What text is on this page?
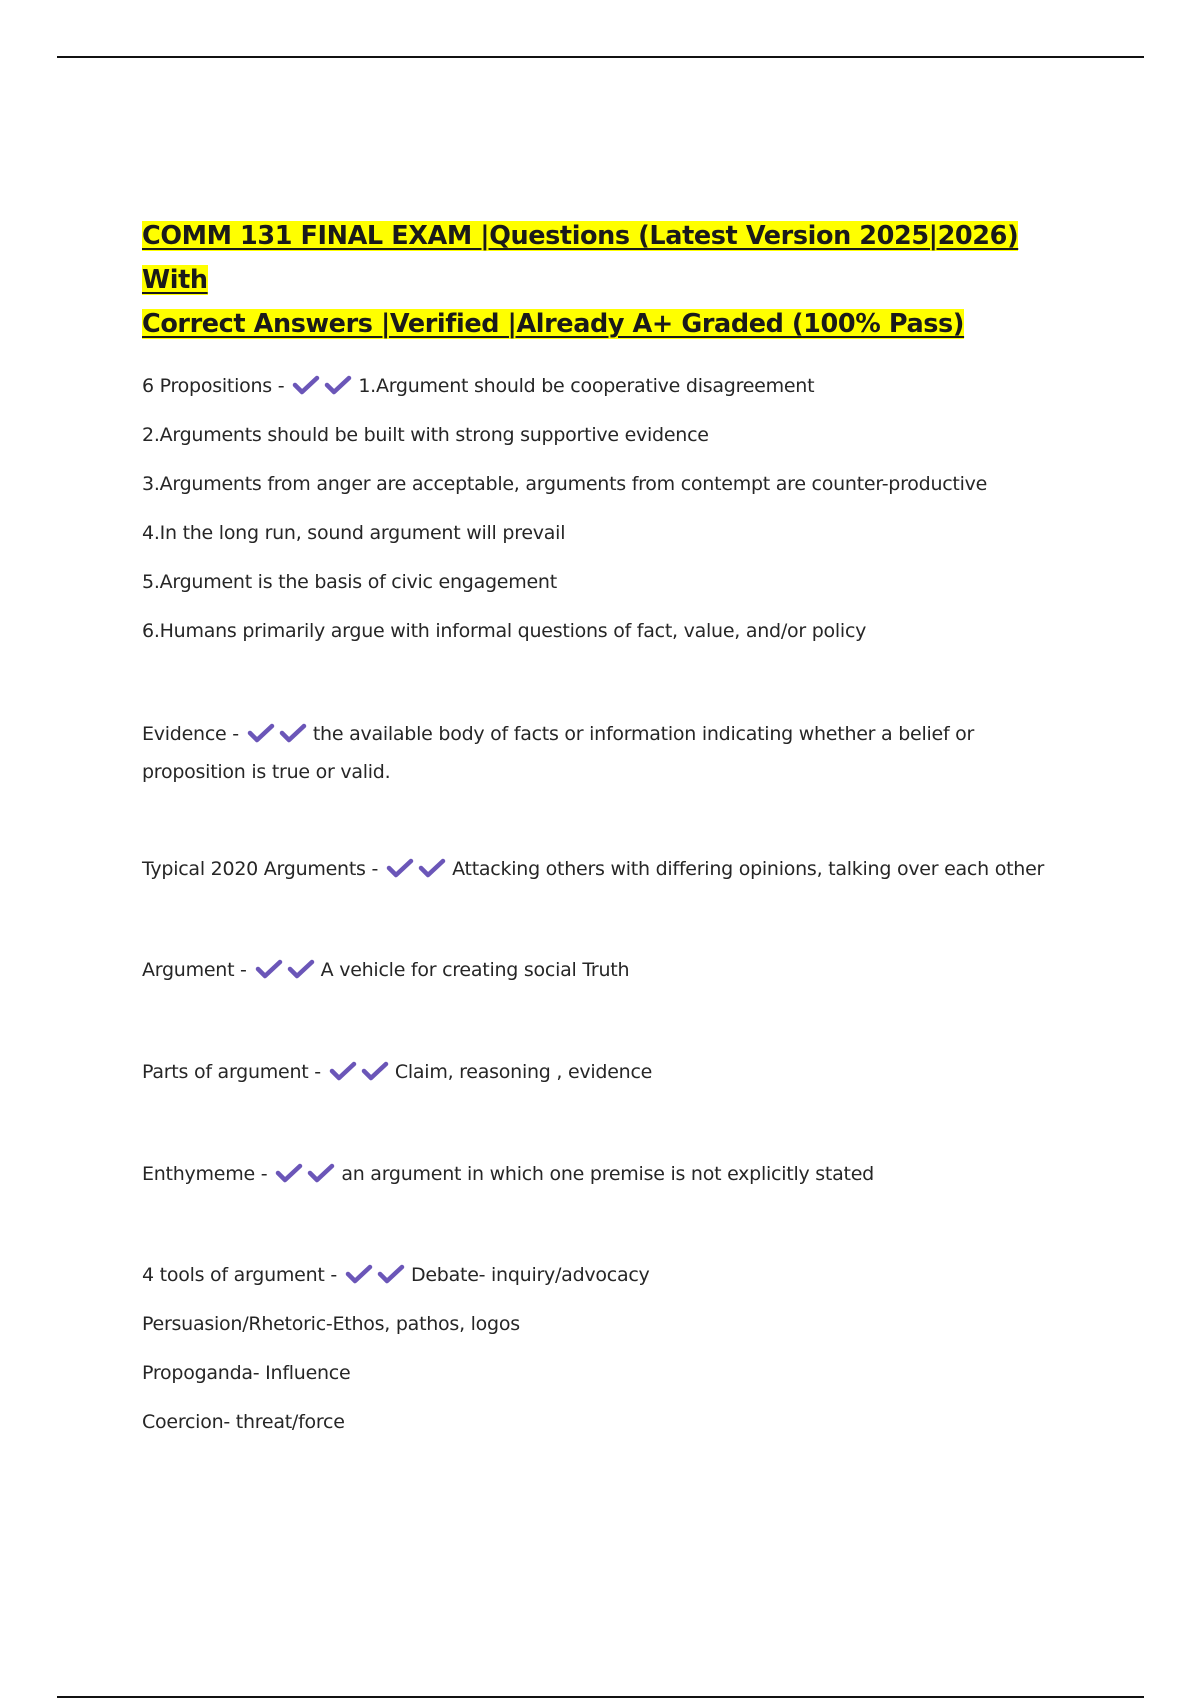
COMM 131 FINAL EXAM |Questions (Latest Version 2025|2026) With
Correct Answers |Verified |Already A+ Graded (100% Pass)
6 Propositions -	1.Argument should be cooperative disagreement
2.Arguments should be built with strong supportive evidence
3.Arguments from anger are acceptable, arguments from contempt are counter-productive
4.In the long run, sound argument will prevail
5.Argument is the basis of civic engagement
6.Humans primarily argue with informal questions of fact, value, and/or policy
Evidence -	the available body of facts or information indicating whether a belief or proposition is true or valid.
Typical 2020 Arguments -	Attacking others with differing opinions, talking over each other
Argument -	A vehicle for creating social Truth
Parts of argument -	Claim, reasoning , evidence
Enthymeme -	an argument in which one premise is not explicitly stated
4 tools of argument -	Debate- inquiry/advocacy
Persuasion/Rhetoric-Ethos, pathos, logos
Propoganda- Influence
Coercion- threat/force
